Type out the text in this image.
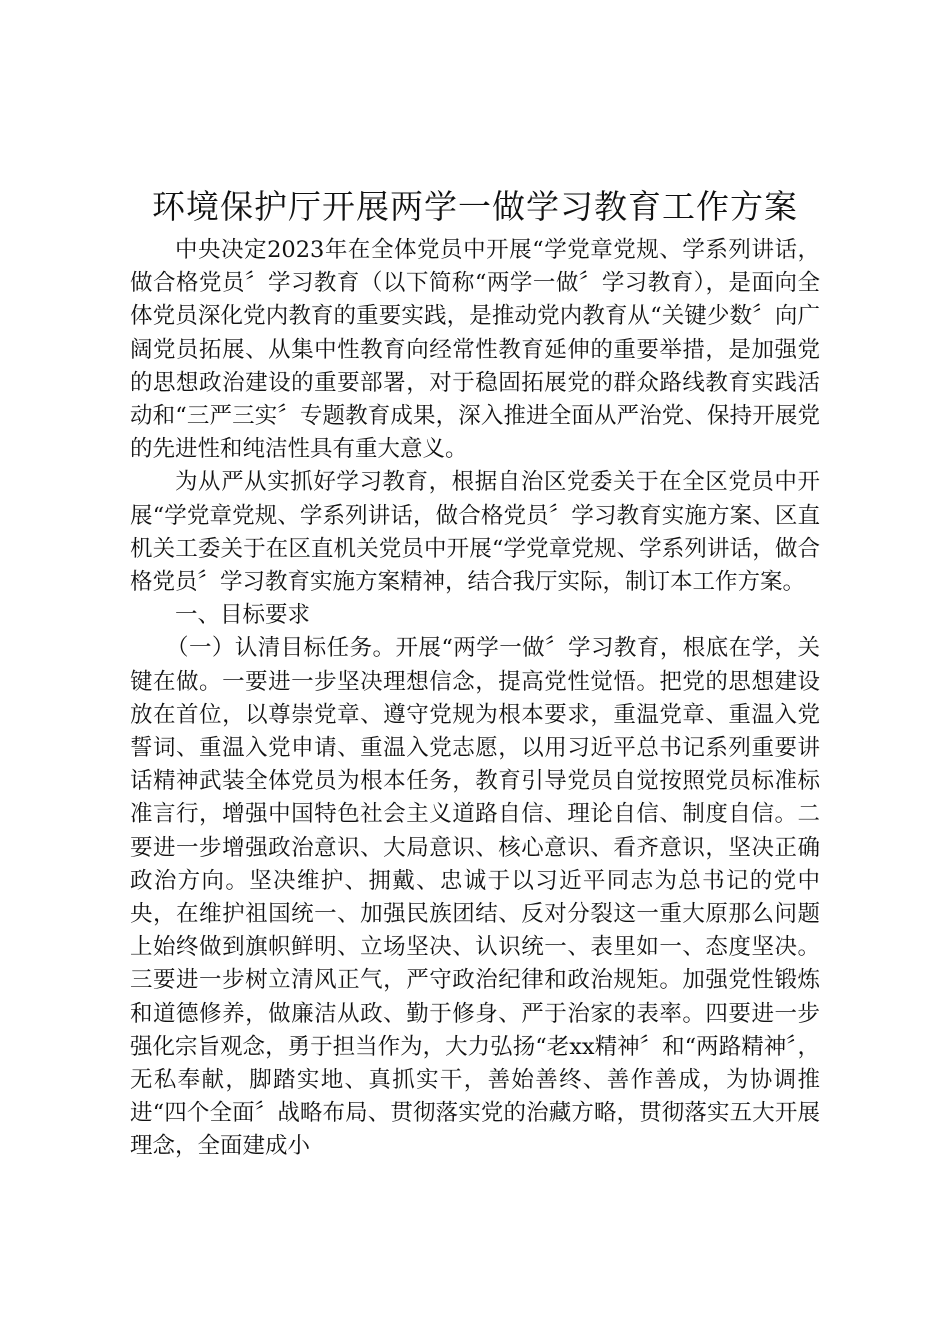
环境保护厅开展两学一做学习教育工作方案

中央决定2023年在全体党员中开展“学党章党规、学系列讲话，做合格党员〞学习教育（以下简称“两学一做〞学习教育），是面向全体党员深化党内教育的重要实践，是推动党内教育从“关键少数〞向广阔党员拓展、从集中性教育向经常性教育延伸的重要举措，是加强党的思想政治建设的重要部署，对于稳固拓展党的群众路线教育实践活动和“三严三实〞专题教育成果，深入推进全面从严治党、保持开展党的先进性和纯洁性具有重大意义。

为从严从实抓好学习教育，根据自治区党委关于在全区党员中开展“学党章党规、学系列讲话，做合格党员〞学习教育实施方案、区直机关工委关于在区直机关党员中开展“学党章党规、学系列讲话，做合格党员〞学习教育实施方案精神，结合我厅实际，制订本工作方案。

一、目标要求

（一）认清目标任务。开展“两学一做〞学习教育，根底在学，关键在做。一要进一步坚决理想信念，提高党性觉悟。把党的思想建设放在首位，以尊崇党章、遵守党规为根本要求，重温党章、重温入党誓词、重温入党申请、重温入党志愿，以用习近平总书记系列重要讲话精神武装全体党员为根本任务，教育引导党员自觉按照党员标准标准言行，增强中国特色社会主义道路自信、理论自信、制度自信。二要进一步增强政治意识、大局意识、核心意识、看齐意识，坚决正确政治方向。坚决维护、拥戴、忠诚于以习近平同志为总书记的党中央，在维护祖国统一、加强民族团结、反对分裂这一重大原那么问题上始终做到旗帜鲜明、立场坚决、认识统一、表里如一、态度坚决。三要进一步树立清风正气，严守政治纪律和政治规矩。加强党性锻炼和道德修养，做廉洁从政、勤于修身、严于治家的表率。四要进一步强化宗旨观念，勇于担当作为，大力弘扬“老xx精神〞和“两路精神〞，无私奉献，脚踏实地、真抓实干，善始善终、善作善成，为协调推进“四个全面〞战略布局、贯彻落实党的治藏方略，贯彻落实五大开展理念，全面建成小
